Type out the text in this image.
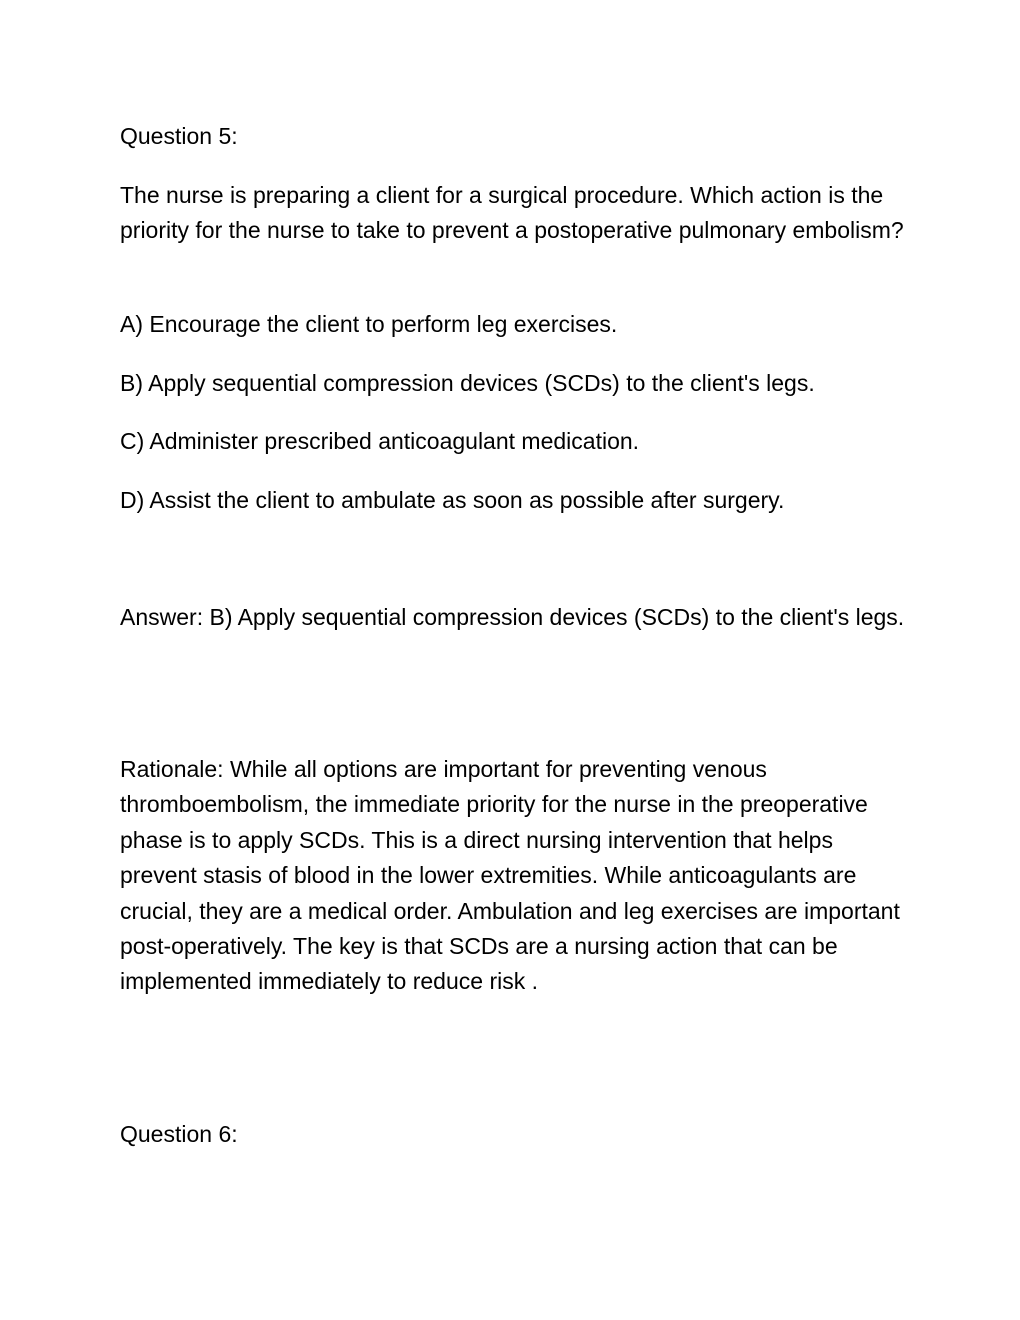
Question 5:

The nurse is preparing a client for a surgical procedure. Which action is the priority for the nurse to take to prevent a postoperative pulmonary embolism?

A) Encourage the client to perform leg exercises.

B) Apply sequential compression devices (SCDs) to the client's legs.

C) Administer prescribed anticoagulant medication.

D) Assist the client to ambulate as soon as possible after surgery.

Answer: B) Apply sequential compression devices (SCDs) to the client's legs.

Rationale: While all options are important for preventing venous thromboembolism, the immediate priority for the nurse in the preoperative phase is to apply SCDs. This is a direct nursing intervention that helps prevent stasis of blood in the lower extremities. While anticoagulants are crucial, they are a medical order. Ambulation and leg exercises are important post-operatively. The key is that SCDs are a nursing action that can be implemented immediately to reduce risk .

Question 6:
